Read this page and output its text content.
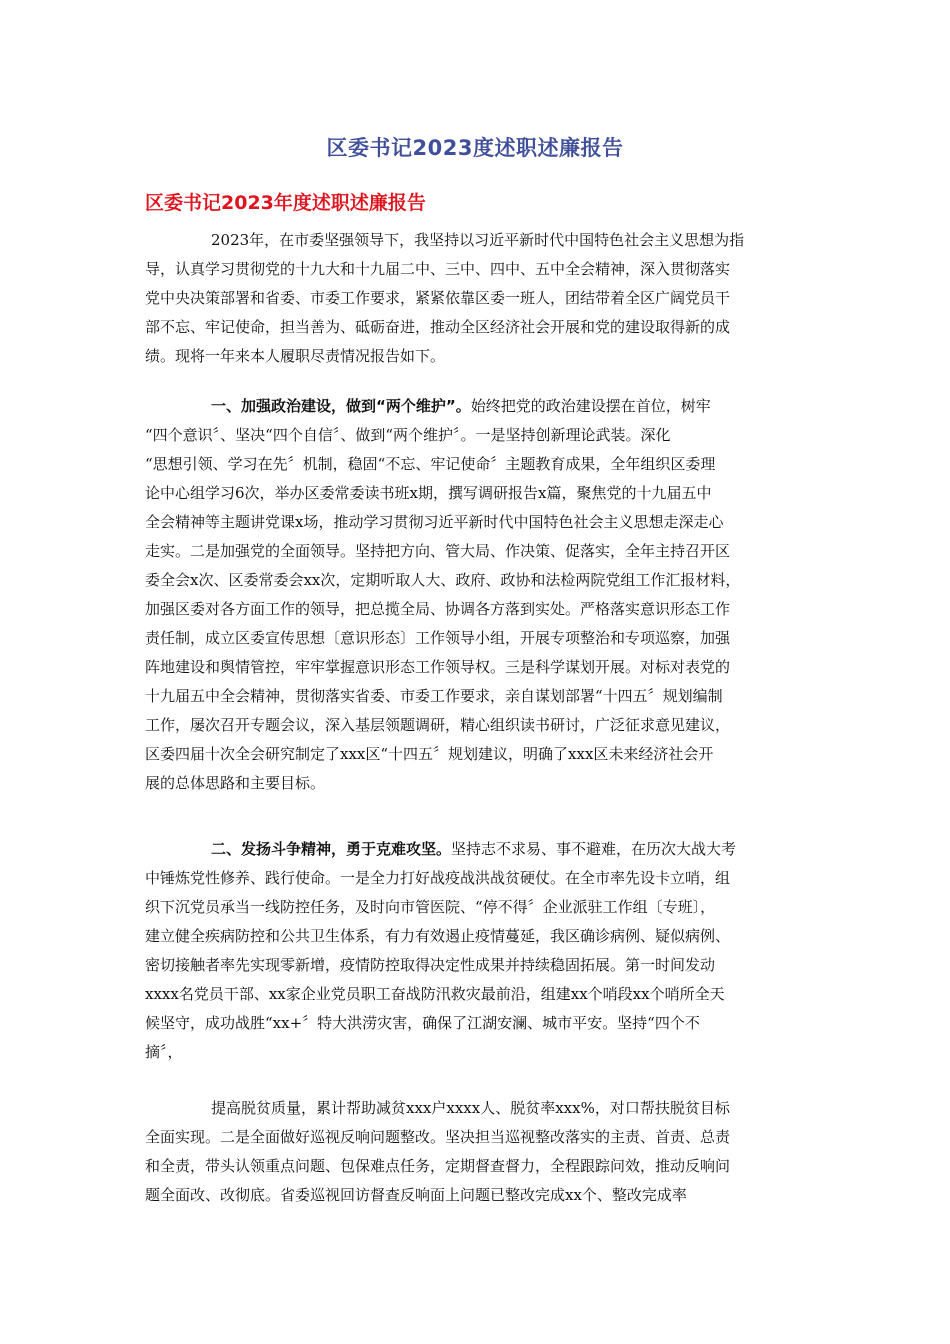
区委书记2023度述职述廉报告
区委书记2023年度述职述廉报告
2023年，在市委坚强领导下，我坚持以习近平新时代中国特色社会主义思想为指
导，认真学习贯彻党的十九大和十九届二中、三中、四中、五中全会精神，深入贯彻落实
党中央决策部署和省委、市委工作要求，紧紧依靠区委一班人，团结带着全区广阔党员干
部不忘、牢记使命，担当善为、砥砺奋进，推动全区经济社会开展和党的建设取得新的成
绩。现将一年来本人履职尽责情况报告如下。
一、加强政治建设，做到“两个维护”。始终把党的政治建设摆在首位，树牢
“四个意识〞、坚决“四个自信〞、做到“两个维护〞。一是坚持创新理论武装。深化
“思想引领、学习在先〞机制，稳固“不忘、牢记使命〞主题教育成果，全年组织区委理
论中心组学习6次，举办区委常委读书班x期，撰写调研报告x篇，聚焦党的十九届五中
全会精神等主题讲党课x场，推动学习贯彻习近平新时代中国特色社会主义思想走深走心
走实。二是加强党的全面领导。坚持把方向、管大局、作决策、促落实，全年主持召开区
委全会x次、区委常委会xx次，定期听取人大、政府、政协和法检两院党组工作汇报材料，
加强区委对各方面工作的领导，把总揽全局、协调各方落到实处。严格落实意识形态工作
责任制，成立区委宣传思想〔意识形态〕工作领导小组，开展专项整治和专项巡察，加强
阵地建设和舆情管控，牢牢掌握意识形态工作领导权。三是科学谋划开展。对标对表党的
十九届五中全会精神，贯彻落实省委、市委工作要求，亲自谋划部署“十四五〞规划编制
工作，屡次召开专题会议，深入基层领题调研，精心组织读书研讨，广泛征求意见建议，
区委四届十次全会研究制定了xxx区“十四五〞规划建议，明确了xxx区未来经济社会开
展的总体思路和主要目标。
二、发扬斗争精神，勇于克难攻坚。坚持志不求易、事不避难，在历次大战大考
中锤炼党性修养、践行使命。一是全力打好战疫战洪战贫硬仗。在全市率先设卡立哨，组
织下沉党员承当一线防控任务，及时向市管医院、“停不得〞企业派驻工作组〔专班〕，
建立健全疾病防控和公共卫生体系，有力有效遏止疫情蔓延，我区确诊病例、疑似病例、
密切接触者率先实现零新增，疫情防控取得决定性成果并持续稳固拓展。第一时间发动
xxxx名党员干部、xx家企业党员职工奋战防汛救灾最前沿，组建xx个哨段xx个哨所全天
候坚守，成功战胜“xx+〞特大洪涝灾害，确保了江湖安澜、城市平安。坚持“四个不
摘〞，
提高脱贫质量，累计帮助减贫xxx户xxxx人、脱贫率xxx%，对口帮扶脱贫目标
全面实现。二是全面做好巡视反响问题整改。坚决担当巡视整改落实的主责、首责、总责
和全责，带头认领重点问题、包保难点任务，定期督查督力，全程跟踪问效，推动反响问
题全面改、改彻底。省委巡视回访督查反响面上问题已整改完成xx个、整改完成率
